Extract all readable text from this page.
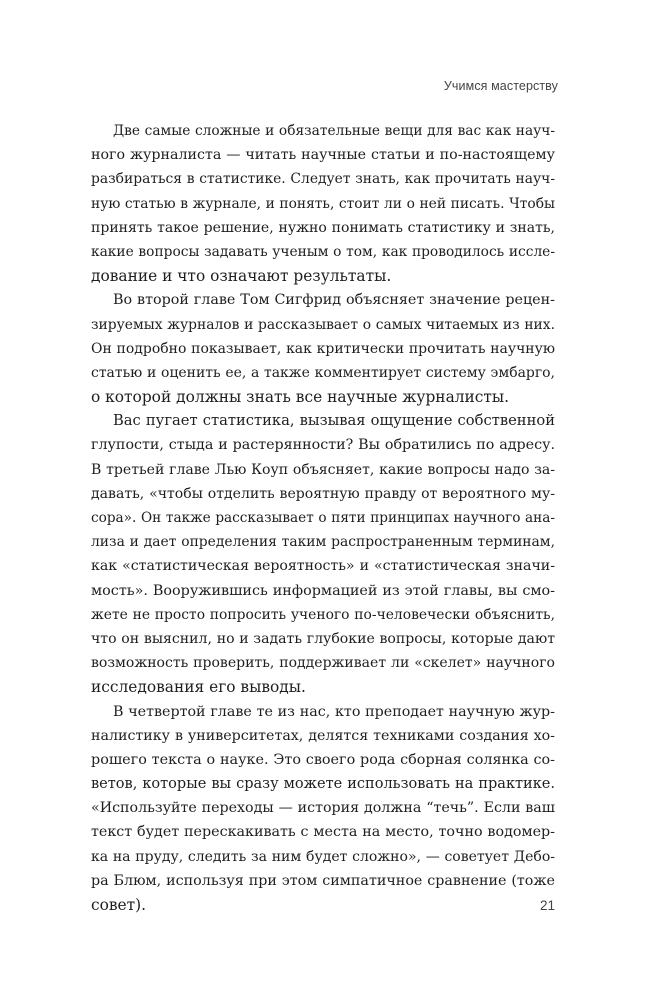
Учимся мастерству

Две самые сложные и обязательные вещи для вас как науч-
ного журналиста — читать научные статьи и по-настоящему
разбираться в статистике. Следует знать, как прочитать науч-
ную статью в журнале, и понять, стоит ли о ней писать. Чтобы
принять такое решение, нужно понимать статистику и знать,
какие вопросы задавать ученым о том, как проводилось иссле-
дование и что означают результаты.

Во второй главе Том Сигфрид объясняет значение рецен-
зируемых журналов и рассказывает о самых читаемых из них.
Он подробно показывает, как критически прочитать научную
статью и оценить ее, а также комментирует систему эмбарго,
о которой должны знать все научные журналисты.

Вас пугает статистика, вызывая ощущение собственной
глупости, стыда и растерянности? Вы обратились по адресу.
В третьей главе Лью Коуп объясняет, какие вопросы надо за-
давать, «чтобы отделить вероятную правду от вероятного му-
сора». Он также рассказывает о пяти принципах научного ана-
лиза и дает определения таким распространенным терминам,
как «статистическая вероятность» и «статистическая значи-
мость». Вооружившись информацией из этой главы, вы смо-
жете не просто попросить ученого по-человечески объяснить,
что он выяснил, но и задать глубокие вопросы, которые дают
возможность проверить, поддерживает ли «скелет» научного
исследования его выводы.

В четвертой главе те из нас, кто преподает научную жур-
налистику в университетах, делятся техниками создания хо-
рошего текста о науке. Это своего рода сборная солянка со-
ветов, которые вы сразу можете использовать на практике.
«Используйте переходы — история должна “течь”. Если ваш
текст будет перескакивать с места на место, точно водомер-
ка на пруду, следить за ним будет сложно», — советует Дебо-
ра Блюм, используя при этом симпатичное сравнение (тоже
совет).	21
